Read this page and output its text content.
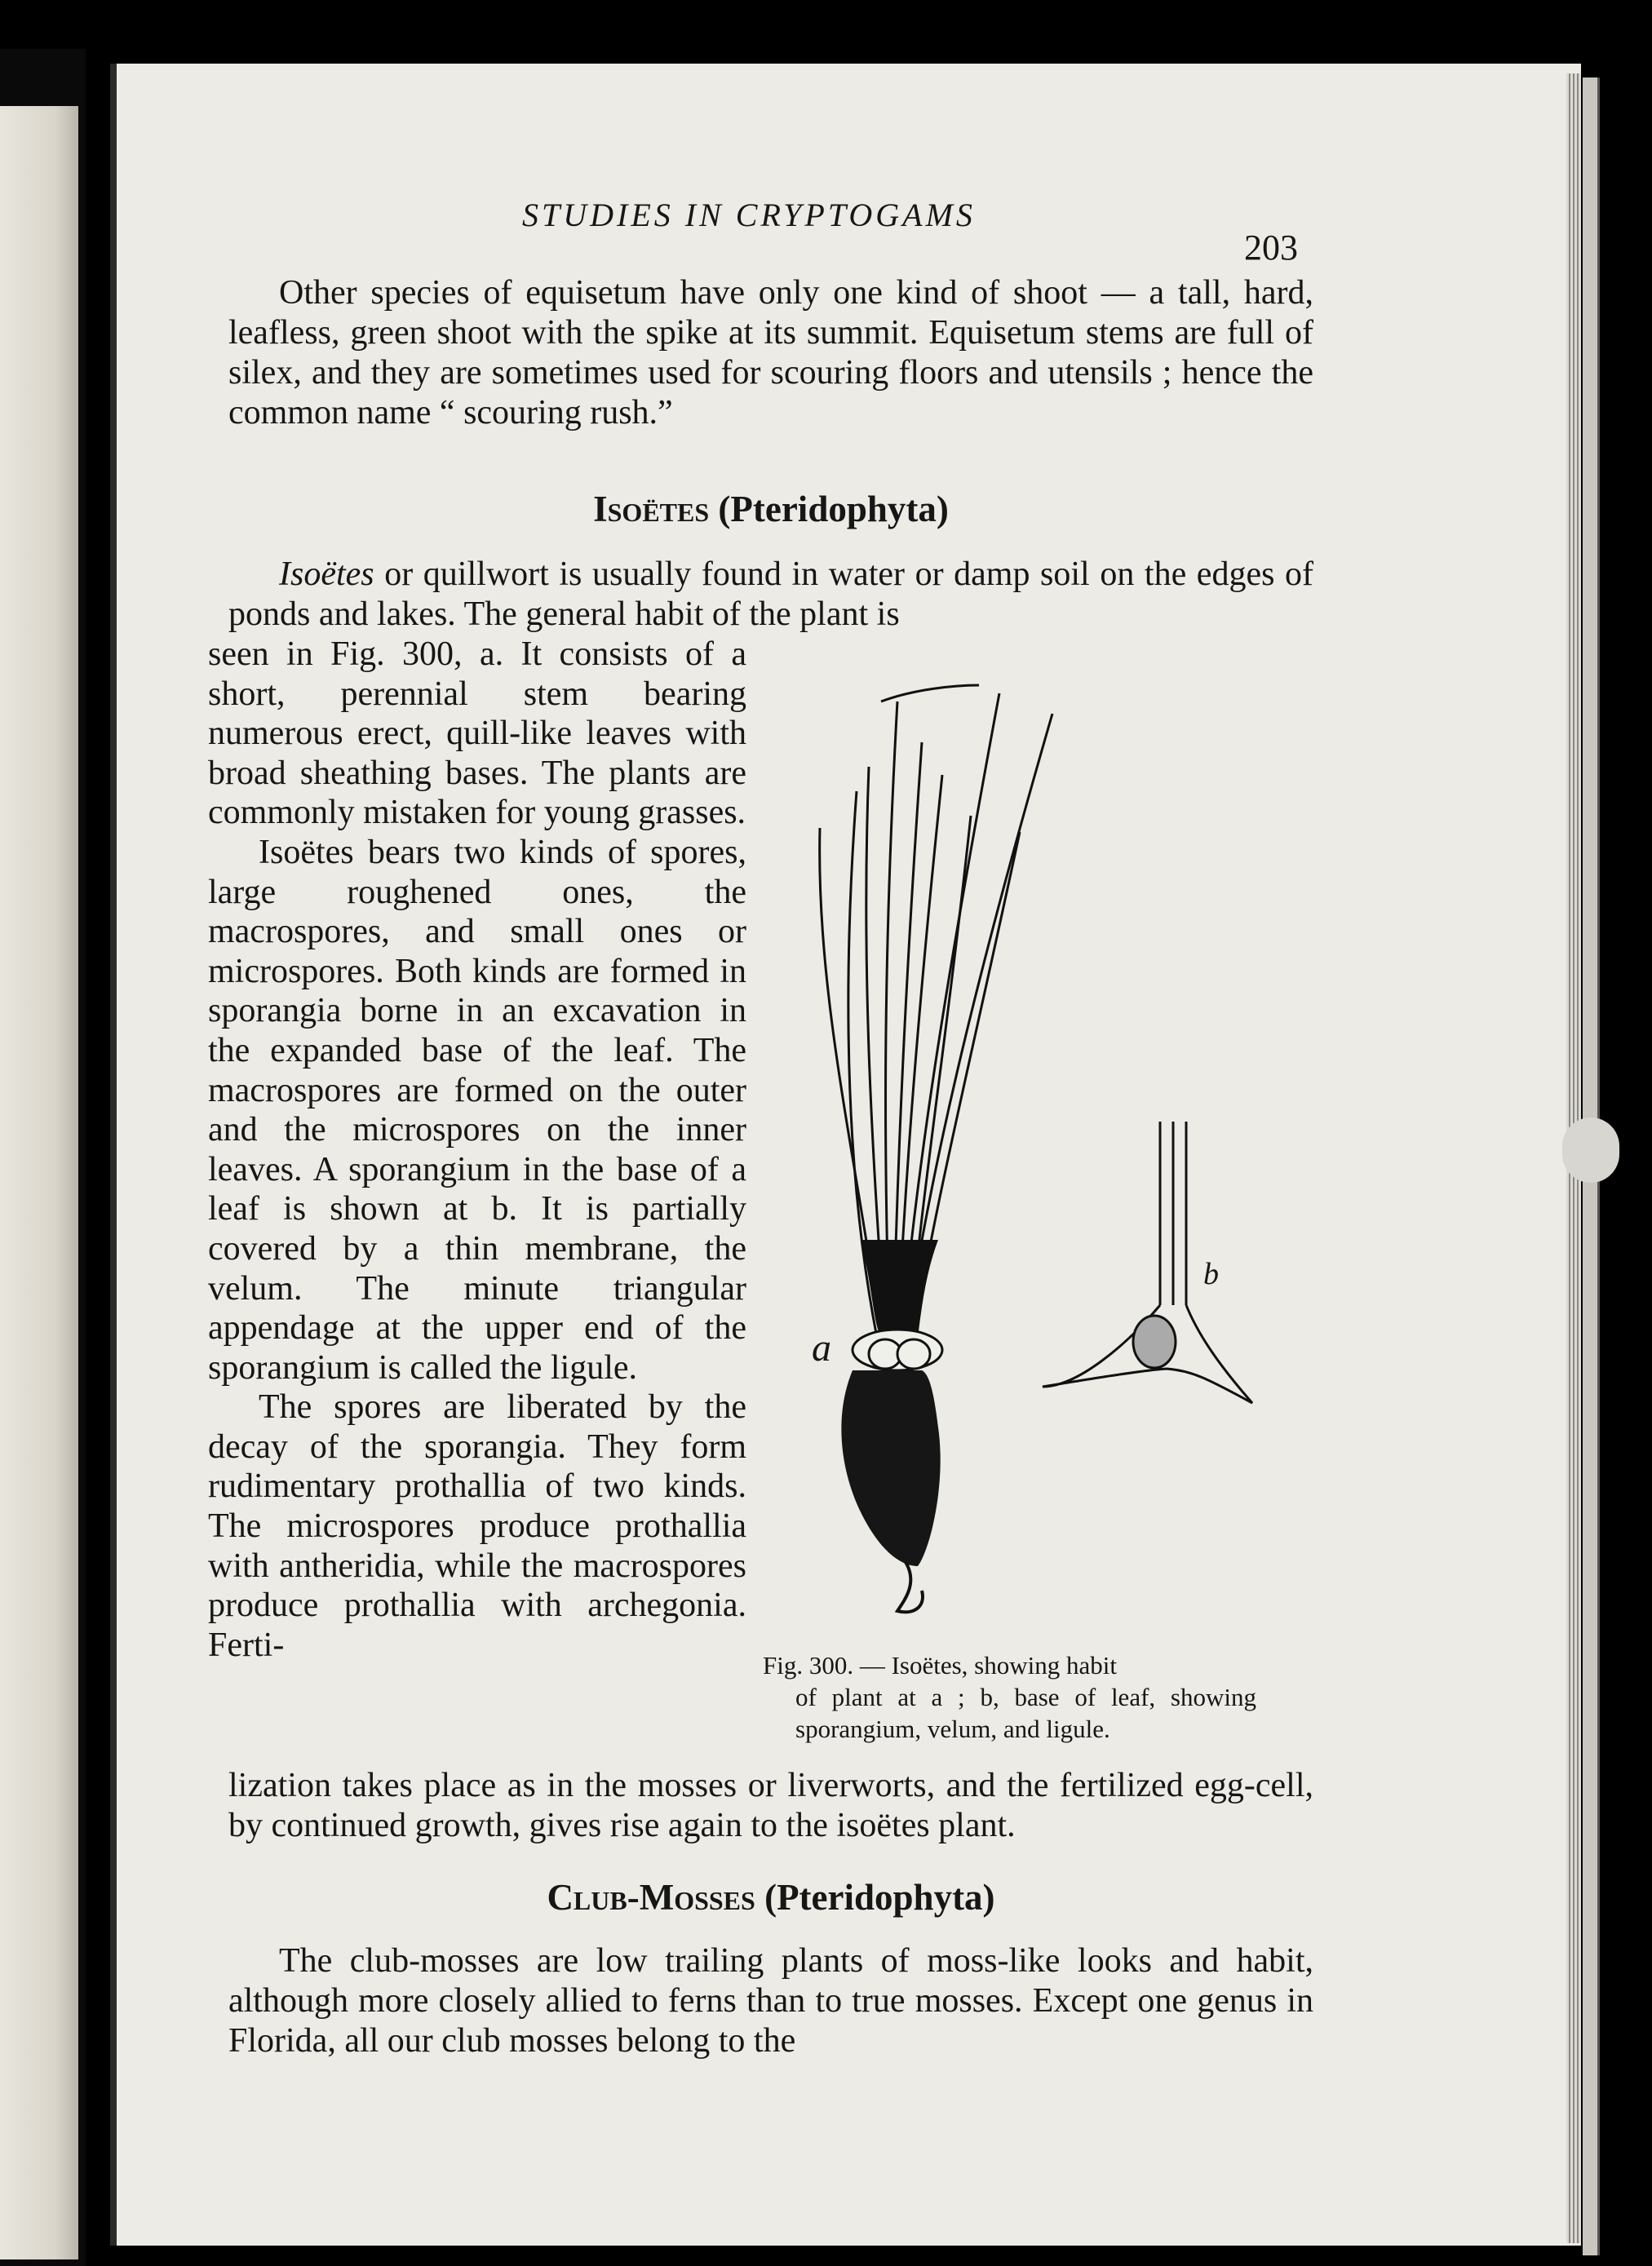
STUDIES IN CRYPTOGAMS
203

Other species of equisetum have only one kind of shoot — a tall, hard, leafless, green shoot with the spike at its summit. Equisetum stems are full of silex, and they are sometimes used for scouring floors and utensils ; hence the common name “ scouring rush.”

Isoëtes (Pteridophyta)

Isoëtes or quillwort is usually found in water or damp soil on the edges of ponds and lakes. The general habit of the plant is

seen in Fig. 300, a. It consists of a short, perennial stem bearing numerous erect, quill-like leaves with broad sheathing bases. The plants are commonly mistaken for young grasses.

Isoëtes bears two kinds of spores, large roughened ones, the macrospores, and small ones or microspores. Both kinds are formed in sporangia borne in an excavation in the expanded base of the leaf. The macrospores are formed on the outer and the microspores on the inner leaves. A sporangium in the base of a leaf is shown at b. It is partially covered by a thin membrane, the velum. The minute triangular appendage at the upper end of the sporangium is called the ligule.

The spores are liberated by the decay of the sporangia. They form rudimentary prothallia of two kinds. The microspores produce prothallia with antheridia, while the macrospores produce prothallia with archegonia. Ferti-

lization takes place as in the mosses or liverworts, and the fertilized egg-cell, by continued growth, gives rise again to the isoëtes plant.

a
b
Fig. 300. — Isoëtes, showing habit
of plant at a ; b, base of leaf, showing sporangium, velum, and ligule.
Club-Mosses (Pteridophyta)

The club-mosses are low trailing plants of moss-like looks and habit, although more closely allied to ferns than to true mosses. Except one genus in Florida, all our club mosses belong to the
